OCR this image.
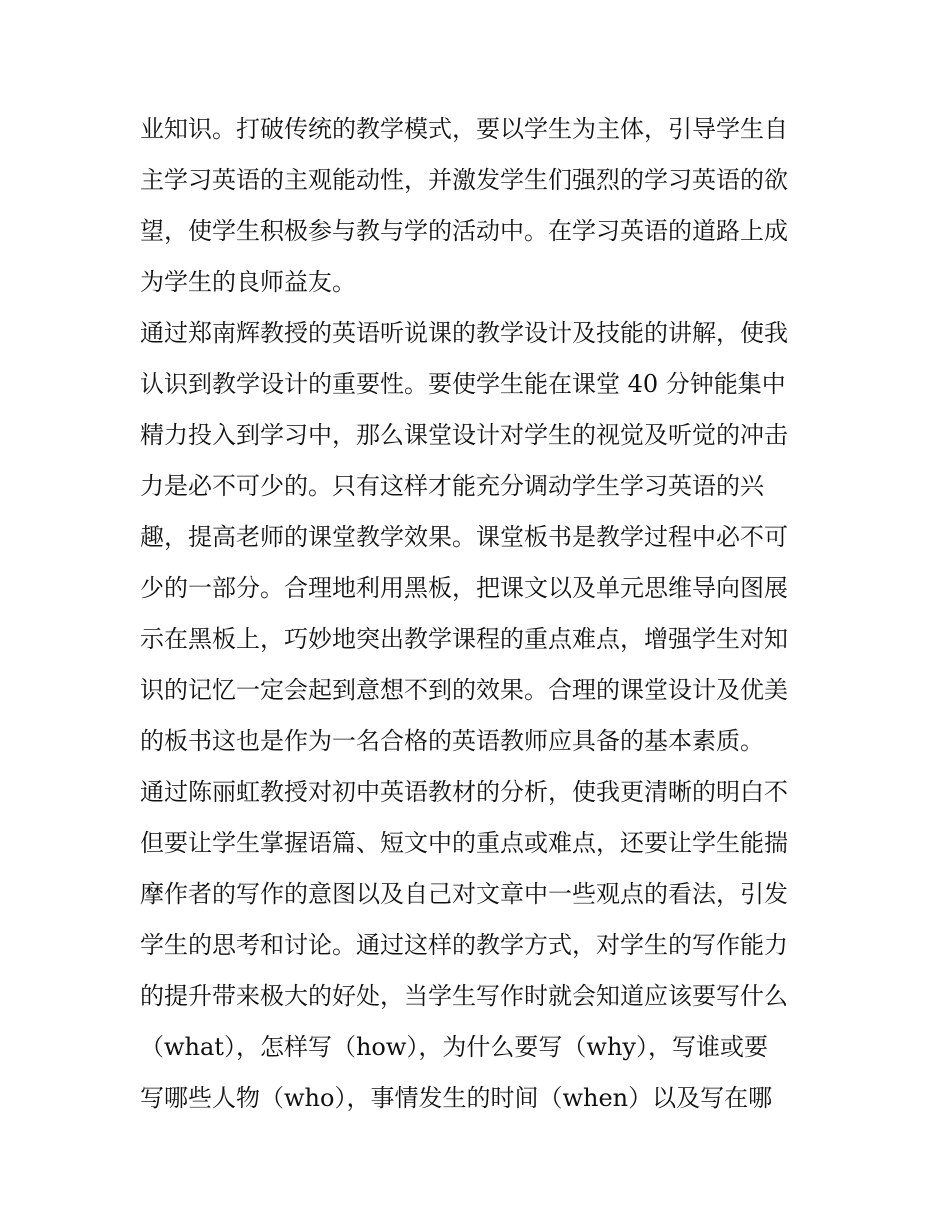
业知识。打破传统的教学模式，要以学生为主体，引导学生自
主学习英语的主观能动性，并激发学生们强烈的学习英语的欲
望，使学生积极参与教与学的活动中。在学习英语的道路上成
为学生的良师益友。
通过郑南辉教授的英语听说课的教学设计及技能的讲解，使我
认识到教学设计的重要性。要使学生能在课堂 40 分钟能集中
精力投入到学习中，那么课堂设计对学生的视觉及听觉的冲击
力是必不可少的。只有这样才能充分调动学生学习英语的兴
趣，提高老师的课堂教学效果。课堂板书是教学过程中必不可
少的一部分。合理地利用黑板，把课文以及单元思维导向图展
示在黑板上，巧妙地突出教学课程的重点难点，增强学生对知
识的记忆一定会起到意想不到的效果。合理的课堂设计及优美
的板书这也是作为一名合格的英语教师应具备的基本素质。
通过陈丽虹教授对初中英语教材的分析，使我更清晰的明白不
但要让学生掌握语篇、短文中的重点或难点，还要让学生能揣
摩作者的写作的意图以及自己对文章中一些观点的看法，引发
学生的思考和讨论。通过这样的教学方式，对学生的写作能力
的提升带来极大的好处，当学生写作时就会知道应该要写什么
（what），怎样写（how），为什么要写（why），写谁或要
写哪些人物（who），事情发生的时间（when）以及写在哪
